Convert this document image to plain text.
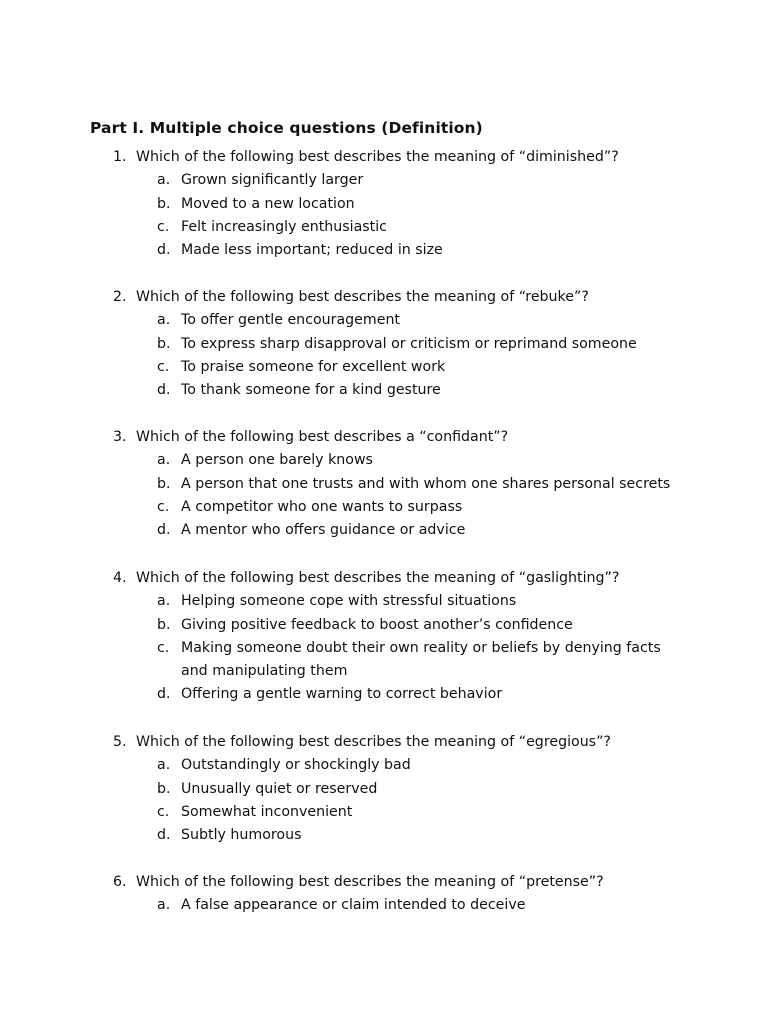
Part I. Multiple choice questions (Definition)
1. Which of the following best describes the meaning of “diminished”?
a. Grown significantly larger
b. Moved to a new location
c. Felt increasingly enthusiastic
d. Made less important; reduced in size
2. Which of the following best describes the meaning of “rebuke”?
a. To offer gentle encouragement
b. To express sharp disapproval or criticism or reprimand someone
c. To praise someone for excellent work
d. To thank someone for a kind gesture
3. Which of the following best describes a “confidant”?
a. A person one barely knows
b. A person that one trusts and with whom one shares personal secrets
c. A competitor who one wants to surpass
d. A mentor who offers guidance or advice
4. Which of the following best describes the meaning of “gaslighting”?
a. Helping someone cope with stressful situations
b. Giving positive feedback to boost another’s confidence
c. Making someone doubt their own reality or beliefs by denying facts and manipulating them
d. Offering a gentle warning to correct behavior
5. Which of the following best describes the meaning of “egregious”?
a. Outstandingly or shockingly bad
b. Unusually quiet or reserved
c. Somewhat inconvenient
d. Subtly humorous
6. Which of the following best describes the meaning of “pretense”?
a. A false appearance or claim intended to deceive
